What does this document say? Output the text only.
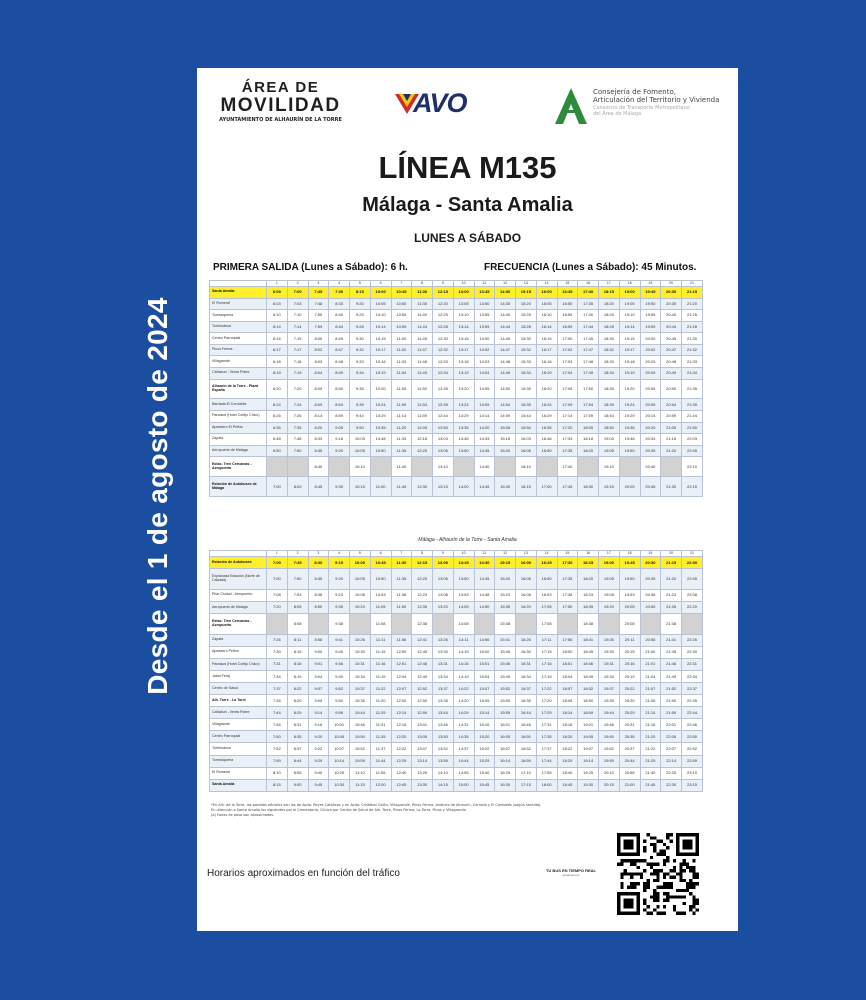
Desde el 1 de agosto de 2024
ÁREA DE
MOVILIDAD
AYUNTAMIENTO DE ALHAURÍN DE LA TORRE
AVO	Consejería de Fomento,
Articulación del Territorio y Vivienda
Consorcio de Transporte Metropolitano
del Área de Málaga
LÍNEA M135
Málaga - Santa Amalia
LUNES A SÁBADO
PRIMERA SALIDA (Lunes a Sábado): 6 h.	FRECUENCIA (Lunes a Sábado): 45 Minutos.
	1	2	3	4	5	6	7	8	9	10	11	12	13	14	15	16	17	18	19	20	21
Santa Amalia	6:00	7:00	7:45	7:30	8:15	10:00	10:45	11:30	12:15	13:00	13:45	14:30	15:15	16:00	16:45	17:30	18:15	19:00	19:45	20:30	21:15
El Romeral	6:03	7:03	7:48	8:33	9:20	10:05	10:50	11:35	12:20	13:05	13:50	14:35	15:20	16:05	16:50	17:35	18:20	19:05	19:50	20:35	21:20
Torrealquería	6:10	7:10	7:55	8:40	9:25	10:10	10:55	11:40	12:25	13:10	13:55	14:40	15:25	16:10	16:55	17:40	18:25	19:10	19:55	20:40	21:25
Torrelodeca	6:14	7:14	7:59	8:44	9:28	10:14	10:59	11:44	12:28	13:14	13:59	14:44	15:28	16:14	16:59	17:44	18:28	19:14	19:59	20:44	21:28
Centro Parroquial	6:15	7:15	8:00	8:45	9:30	10:15	11:00	11:45	12:30	13:15	14:00	14:45	15:30	16:15	17:00	17:45	18:30	19:15	20:00	20:45	21:30
Pinos Ferma	6:17	7:17	8:02	8:47	9:32	10:17	11:02	11:47	12:32	13:17	14:02	14:47	15:32	16:17	17:02	17:47	18:32	19:17	20:02	20:47	21:32
Villagrande	6:18	7:18	8:03	8:48	9:33	10:18	11:03	11:48	12:33	13:18	14:03	14:48	15:33	16:18	17:03	17:48	18:33	19:18	20:03	20:48	21:33
Cañaburi - Venta Pobre	6:19	7:19	8:04	8:49	9:34	10:19	11:04	11:49	12:34	13:19	14:04	14:49	15:34	16:19	17:04	17:49	18:34	19:19	20:04	20:49	21:34
Alhaurín de la Torre - Plaza España	6:20	7:20	8:05	8:50	9:35	10:20	11:05	11:50	12:35	13:20	14:05	14:50	15:35	16:20	17:05	17:50	18:35	19:20	20:05	20:50	21:35
Barriada El Cordobés	6:24	7:24	8:09	8:54	9:39	10:24	11:09	11:54	12:39	13:24	14:09	14:54	15:39	16:24	17:09	17:54	18:39	19:24	20:09	20:54	21:39
Paraísos (Hotel Cortijo Chico)	6:26	7:26	8:14	8:59	9:44	10:29	11:14	11:59	12:44	13:29	14:14	14:59	15:44	16:29	17:14	17:59	18:44	19:29	20:14	20:59	21:44
Apeadero El Peñón	6:35	7:35	8:20	9:05	9:50	10:35	11:20	12:05	12:50	13:35	14:20	15:05	15:50	16:35	17:20	18:05	18:50	19:35	20:20	21:05	21:50
Zapata	6:48	7:48	8:33	9:18	10:03	10:48	11:33	12:18	13:03	13:48	14:33	15:18	16:03	16:48	17:33	18:18	19:03	19:48	20:33	21:18	22:03
Aeropuerto de Málaga	6:50	7:50	8:35	9:20	10:05	10:50	11:35	12:20	13:05	13:50	14:35	15:20	16:05	16:50	17:35	18:20	19:05	19:50	20:35	21:20	22:05
Estac. Tren Cercanías - Aeropuerto			8:40		10:10		11:40		13:10		14:40		16:10		17:40		19:10		20:40		22:10
Estación de Autobuses de Málaga	7:00	8:00	8:45	9:30	10:15	11:00	11:45	12:30	13:15	14:00	14:45	15:30	16:15	17:00	17:45	18:30	19:15	20:00	20:45	21:30	22:15
Málaga - Alhaurín de la Torre - Santa Amalia
	1	2	3	4	5	6	7	8	9	10	11	12	13	14	15	16	17	18	19	20	21
Estación de Autobuses	7:00	7:45	8:30	9:15	10:00	10:45	11:30	12:15	13:00	13:45	14:30	15:15	16:00	16:45	17:30	18:15	19:00	19:45	20:30	21:15	22:00
Explanada Estación (Norte de Calzada)	7:00	7:50	8:35	9:20	10:05	10:50	11:35	12:20	13:05	13:50	14:35	15:20	16:05	16:50	17:35	18:20	19:05	19:50	20:35	21:20	22:05
Pilar Ciudad - Aeropuerto	7:08	7:53	8:38	9:23	10:08	10:53	11:38	12:23	13:08	13:53	14:38	15:23	16:08	16:53	17:38	18:23	19:08	19:53	20:38	21:23	22:08
Aeropuerto de Málaga	7:20	8:05	8:50	9:35	10:20	11:05	11:50	12:35	13:20	14:05	14:50	15:35	16:20	17:05	17:50	18:35	19:20	20:05	20:50	21:35	22:20
Estac. Tren Cercanías - Aeropuerto		8:08		9:38		11:08		12:38		14:08		15:38		17:08		18:38		20:08		21:38	
Zapata	7:26	8:11	8:56	9:41	10:26	11:11	11:56	12:41	13:26	14:11	14:56	15:41	16:26	17:11	17:56	18:41	19:26	20:11	20:56	21:41	22:26
Apeadero Peñón	7:30	8:15	9:00	9:45	10:30	11:15	12:00	12:45	13:30	14:15	15:00	15:45	16:30	17:15	18:00	18:45	19:30	20:15	21:00	21:45	22:30
Paraísos (Hotel Cortijo Chico)	7:31	8:16	9:01	9:46	10:31	11:16	12:01	12:46	13:31	14:16	15:01	15:46	16:31	17:16	18:01	18:46	19:31	20:16	21:01	21:46	22:31
Jabal Feraj	7:34	8:19	9:04	9:49	10:34	11:19	12:04	12:49	13:34	14:19	15:04	15:49	16:34	17:19	18:04	18:49	19:34	20:19	21:04	21:49	22:34
Centro de Salud	7:37	8:22	9:07	9:52	10:37	11:22	12:07	12:52	13:37	14:22	15:07	15:52	16:37	17:22	18:07	18:52	19:37	20:22	21:07	21:52	22:37
Alh. Torre - La Torre	7:35	8:20	9:05	9:50	10:35	11:20	12:05	12:50	13:35	14:20	15:05	15:50	16:35	17:20	18:05	18:50	19:35	20:20	21:05	21:50	22:35
Cañaburi - Venta Pobre	7:44	8:29	9:14	9:59	10:44	11:29	12:14	12:59	13:44	14:29	15:14	15:59	16:44	17:29	18:14	18:59	19:44	20:29	21:14	21:59	22:44
Villagrande	7:46	8:31	9:16	10:01	10:46	11:31	12:16	13:01	13:46	14:31	15:16	16:01	16:46	17:31	18:16	19:01	19:46	20:31	21:16	22:01	22:46
Centro Parroquial	7:50	8:35	9:20	10:05	10:50	11:35	12:20	13:05	13:50	14:35	15:20	16:05	16:50	17:35	18:20	19:05	19:50	20:35	21:20	22:05	22:50
Torrelodeca	7:52	8:37	9:22	10:07	10:52	11:37	12:22	13:07	13:52	14:37	15:22	16:07	16:52	17:37	18:22	19:07	19:52	20:37	21:22	22:07	22:52
Torrealquería	7:59	8:44	9:29	10:14	10:59	11:44	12:29	13:14	13:59	14:44	15:29	16:14	16:59	17:44	18:29	19:14	19:59	20:44	21:29	22:14	22:59
El Romeral	8:10	8:55	9:40	10:25	11:10	11:55	12:40	13:25	14:10	14:55	15:40	16:25	17:10	17:55	18:40	19:25	20:10	20:55	21:40	22:25	23:10
Santa Amalia	8:15	9:00	9:45	10:30	11:15	12:00	12:45	13:30	14:15	15:00	15:45	16:30	17:15	18:00	18:45	19:30	20:15	21:00	21:45	22:30	23:15
*En Alh. de la Torre, las paradas oficiales son las de Avda. Reyes Católicos y en Avda. Cristóbal Colón, Villagrande, Pinos Ferma, Jardines de Alhaurín, Cerrado y El Cordobés (según sentido).
En dirección a Santa Amalia los siguientes por el Cementerio, Clínica por Centro de Salud de Alh. Torre, Pinos Ferma, La Torre, Pinos y Villagrande.
(a) Horas de paso son aproximadas.
Horarios aproximados en función del tráfico	TU BUS EN TIEMPO REAL
avoal.avo.es
